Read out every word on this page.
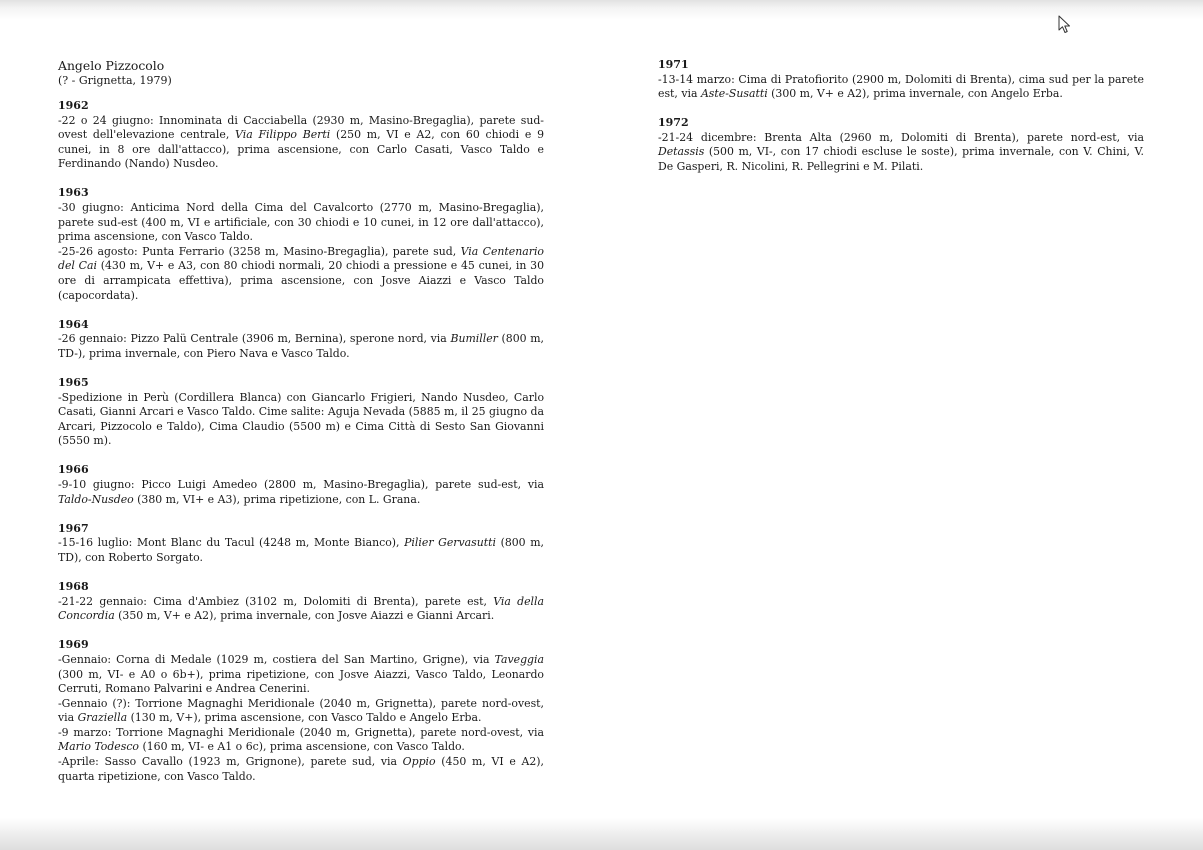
Angelo Pizzocolo

(? - Grignetta, 1979)

1962

-22 o 24 giugno: Innominata di Cacciabella (2930 m, Masino-Bregaglia), parete sud-ovest dell'elevazione centrale, Via Filippo Berti (250 m, VI e A2, con 60 chiodi e 9 cunei, in 8 ore dall'attacco), prima ascensione, con Carlo Casati, Vasco Taldo e Ferdinando (Nando) Nusdeo.

1963

-30 giugno: Anticima Nord della Cima del Cavalcorto (2770 m, Masino-Bregaglia), parete sud-est (400 m, VI e artificiale, con 30 chiodi e 10 cunei, in 12 ore dall'attacco), prima ascensione, con Vasco Taldo.

-25-26 agosto: Punta Ferrario (3258 m, Masino-Bregaglia), parete sud, Via Centenario del Cai (430 m, V+ e A3, con 80 chiodi normali, 20 chiodi a pressione e 45 cunei, in 30 ore di arrampicata effettiva), prima ascensione, con Josve Aiazzi e Vasco Taldo (capocordata).

1964

-26 gennaio: Pizzo Palü Centrale (3906 m, Bernina), sperone nord, via Bumiller (800 m, TD-), prima invernale, con Piero Nava e Vasco Taldo.

1965

-Spedizione in Perù (Cordillera Blanca) con Giancarlo Frigieri, Nando Nusdeo, Carlo Casati, Gianni Arcari e Vasco Taldo. Cime salite: Aguja Nevada (5885 m, il 25 giugno da Arcari, Pizzocolo e Taldo), Cima Claudio (5500 m) e Cima Città di Sesto San Giovanni (5550 m).

1966

-9-10 giugno: Picco Luigi Amedeo (2800 m, Masino-Bregaglia), parete sud-est, via Taldo-Nusdeo (380 m, VI+ e A3), prima ripetizione, con L. Grana.

1967

-15-16 luglio: Mont Blanc du Tacul (4248 m, Monte Bianco), Pilier Gervasutti (800 m, TD), con Roberto Sorgato.

1968

-21-22 gennaio: Cima d'Ambiez (3102 m, Dolomiti di Brenta), parete est, Via della Concordia (350 m, V+ e A2), prima invernale, con Josve Aiazzi e Gianni Arcari.

1969

-Gennaio: Corna di Medale (1029 m, costiera del San Martino, Grigne), via Taveggia (300 m, VI- e A0 o 6b+), prima ripetizione, con Josve Aiazzi, Vasco Taldo, Leonardo Cerruti, Romano Palvarini e Andrea Cenerini.

-Gennaio (?): Torrione Magnaghi Meridionale (2040 m, Grignetta), parete nord-ovest, via Graziella (130 m, V+), prima ascensione, con Vasco Taldo e Angelo Erba.

-9 marzo: Torrione Magnaghi Meridionale (2040 m, Grignetta), parete nord-ovest, via Mario Todesco (160 m, VI- e A1 o 6c), prima ascensione, con Vasco Taldo.

-Aprile: Sasso Cavallo (1923 m, Grignone), parete sud, via Oppio (450 m, VI e A2), quarta ripetizione, con Vasco Taldo.

1971

-13-14 marzo: Cima di Pratofiorito (2900 m, Dolomiti di Brenta), cima sud per la parete est, via Aste-Susatti (300 m, V+ e A2), prima invernale, con Angelo Erba.

1972

-21-24 dicembre: Brenta Alta (2960 m, Dolomiti di Brenta), parete nord-est, via Detassis (500 m, VI-, con 17 chiodi escluse le soste), prima invernale, con V. Chini, V. De Gasperi, R. Nicolini, R. Pellegrini e M. Pilati.
